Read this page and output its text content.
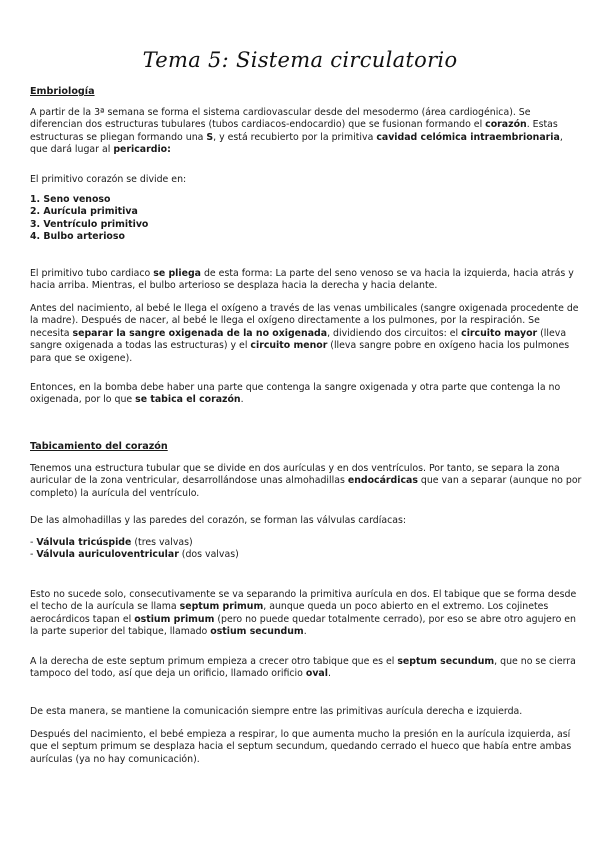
Tema 5: Sistema circulatorio
Embriología
A partir de la 3ª semana se forma el sistema cardiovascular desde del mesodermo (área cardiogénica). Se diferencian dos estructuras tubulares (tubos cardiacos-endocardio) que se fusionan formando el corazón. Estas estructuras se pliegan formando una S, y está recubierto por la primitiva cavidad celómica intraembrionaria, que dará lugar al pericardio:
El primitivo corazón se divide en:
1. Seno venoso
2. Aurícula primitiva
3. Ventrículo primitivo
4. Bulbo arterioso
El primitivo tubo cardiaco se pliega de esta forma: La parte del seno venoso se va hacia la izquierda, hacia atrás y hacia arriba. Mientras, el bulbo arterioso se desplaza hacia la derecha y hacia delante.
Antes del nacimiento, al bebé le llega el oxígeno a través de las venas umbilicales (sangre oxigenada procedente de la madre). Después de nacer, al bebé le llega el oxígeno directamente a los pulmones, por la respiración. Se necesita separar la sangre oxigenada de la no oxigenada, dividiendo dos circuitos: el circuito mayor (lleva sangre oxigenada a todas las estructuras) y el circuito menor (lleva sangre pobre en oxígeno hacia los pulmones para que se oxigene).
Entonces, en la bomba debe haber una parte que contenga la sangre oxigenada y otra parte que contenga la no oxigenada, por lo que se tabica el corazón.
Tabicamiento del corazón
Tenemos una estructura tubular que se divide en dos aurículas y en dos ventrículos. Por tanto, se separa la zona auricular de la zona ventricular, desarrollándose unas almohadillas endocárdicas que van a separar (aunque no por completo) la aurícula del ventrículo.
De las almohadillas y las paredes del corazón, se forman las válvulas cardíacas:
- Válvula tricúspide (tres valvas)
- Válvula auriculoventricular (dos valvas)
Esto no sucede solo, consecutivamente se va separando la primitiva aurícula en dos. El tabique que se forma desde el techo de la aurícula se llama septum primum, aunque queda un poco abierto en el extremo. Los cojinetes aerocárdicos tapan el ostium primum (pero no puede quedar totalmente cerrado), por eso se abre otro agujero en la parte superior del tabique, llamado ostium secundum.
A la derecha de este septum primum empieza a crecer otro tabique que es el septum secundum, que no se cierra tampoco del todo, así que deja un orificio, llamado orificio oval.
De esta manera, se mantiene la comunicación siempre entre las primitivas aurícula derecha e izquierda.
Después del nacimiento, el bebé empieza a respirar, lo que aumenta mucho la presión en la aurícula izquierda, así que el septum primum se desplaza hacia el septum secundum, quedando cerrado el hueco que había entre ambas aurículas (ya no hay comunicación).
